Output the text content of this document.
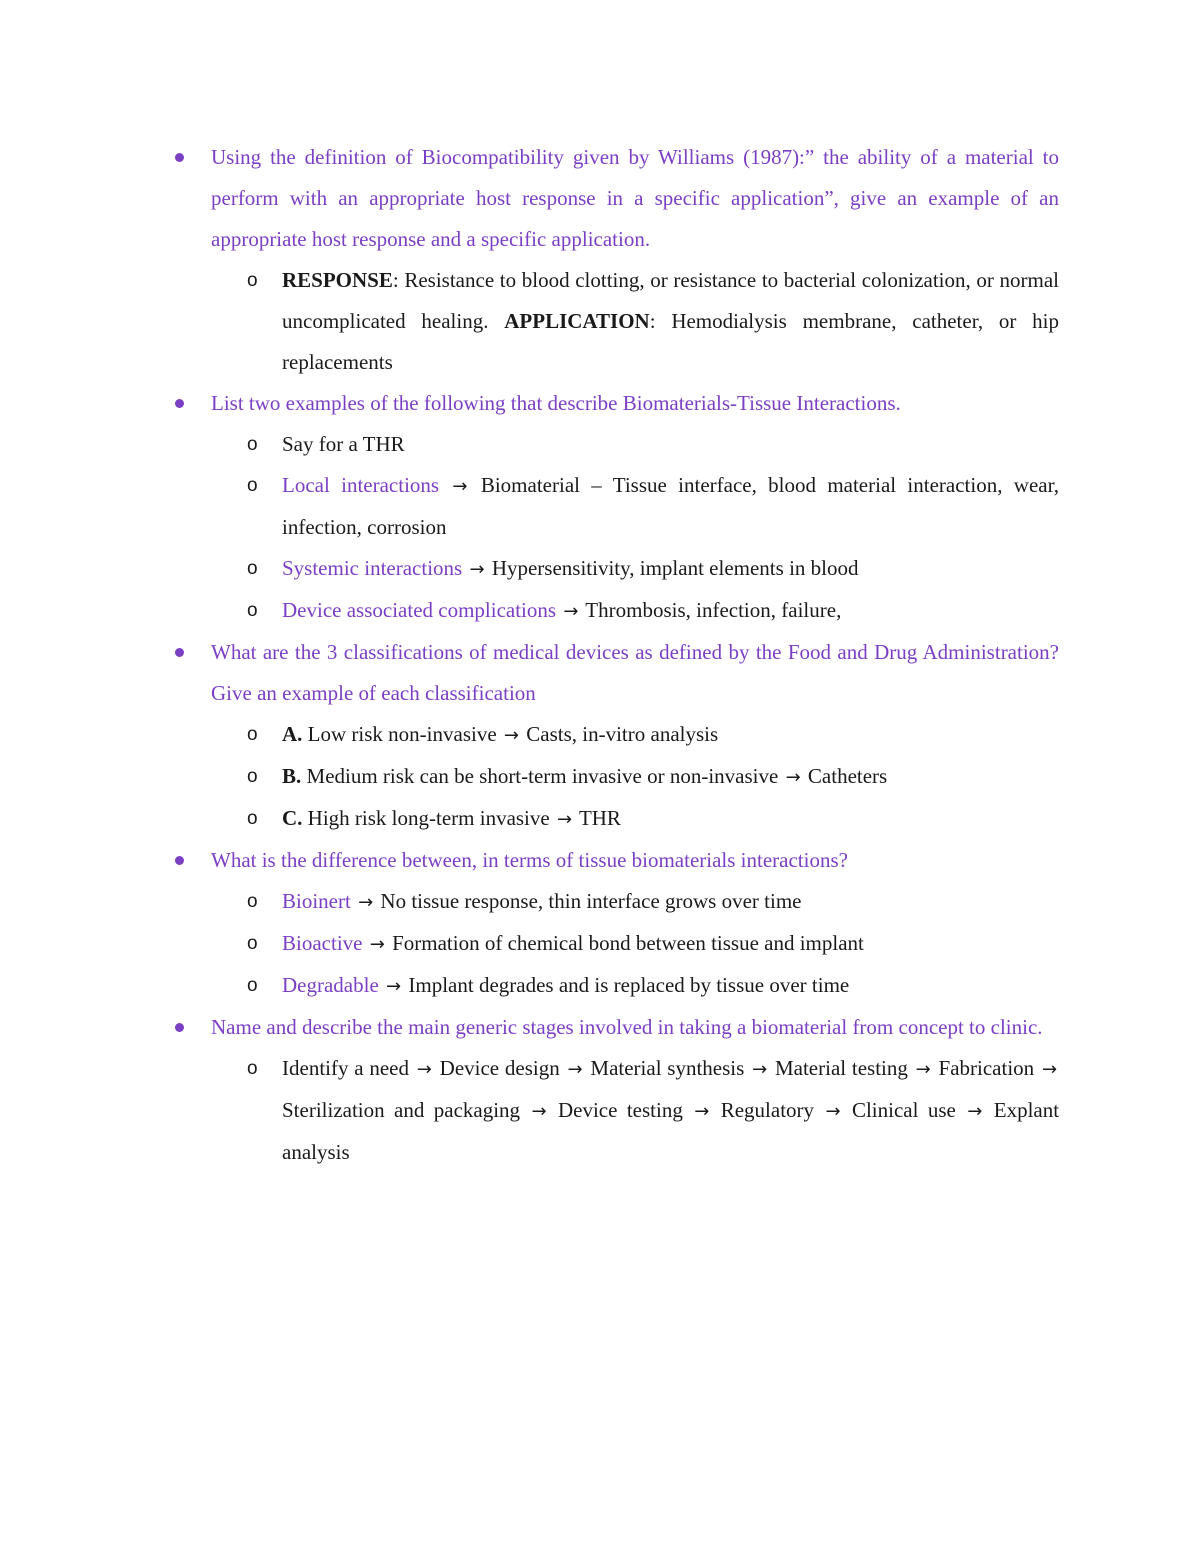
Using the definition of Biocompatibility given by Williams (1987):” the ability of a material to perform with an appropriate host response in a specific application”, give an example of an appropriate host response and a specific application.
o RESPONSE: Resistance to blood clotting, or resistance to bacterial colonization, or normal uncomplicated healing. APPLICATION: Hemodialysis membrane, catheter, or hip replacements
List two examples of the following that describe Biomaterials-Tissue Interactions.
o Say for a THR
o Local interactions → Biomaterial – Tissue interface, blood material interaction, wear, infection, corrosion
o Systemic interactions → Hypersensitivity, implant elements in blood
o Device associated complications → Thrombosis, infection, failure,
What are the 3 classifications of medical devices as defined by the Food and Drug Administration? Give an example of each classification
o A. Low risk non-invasive → Casts, in-vitro analysis
o B. Medium risk can be short-term invasive or non-invasive → Catheters
o C. High risk long-term invasive → THR
What is the difference between, in terms of tissue biomaterials interactions?
o Bioinert → No tissue response, thin interface grows over time
o Bioactive → Formation of chemical bond between tissue and implant
o Degradable → Implant degrades and is replaced by tissue over time
Name and describe the main generic stages involved in taking a biomaterial from concept to clinic.
o Identify a need → Device design → Material synthesis → Material testing → Fabrication → Sterilization and packaging → Device testing → Regulatory → Clinical use → Explant analysis
